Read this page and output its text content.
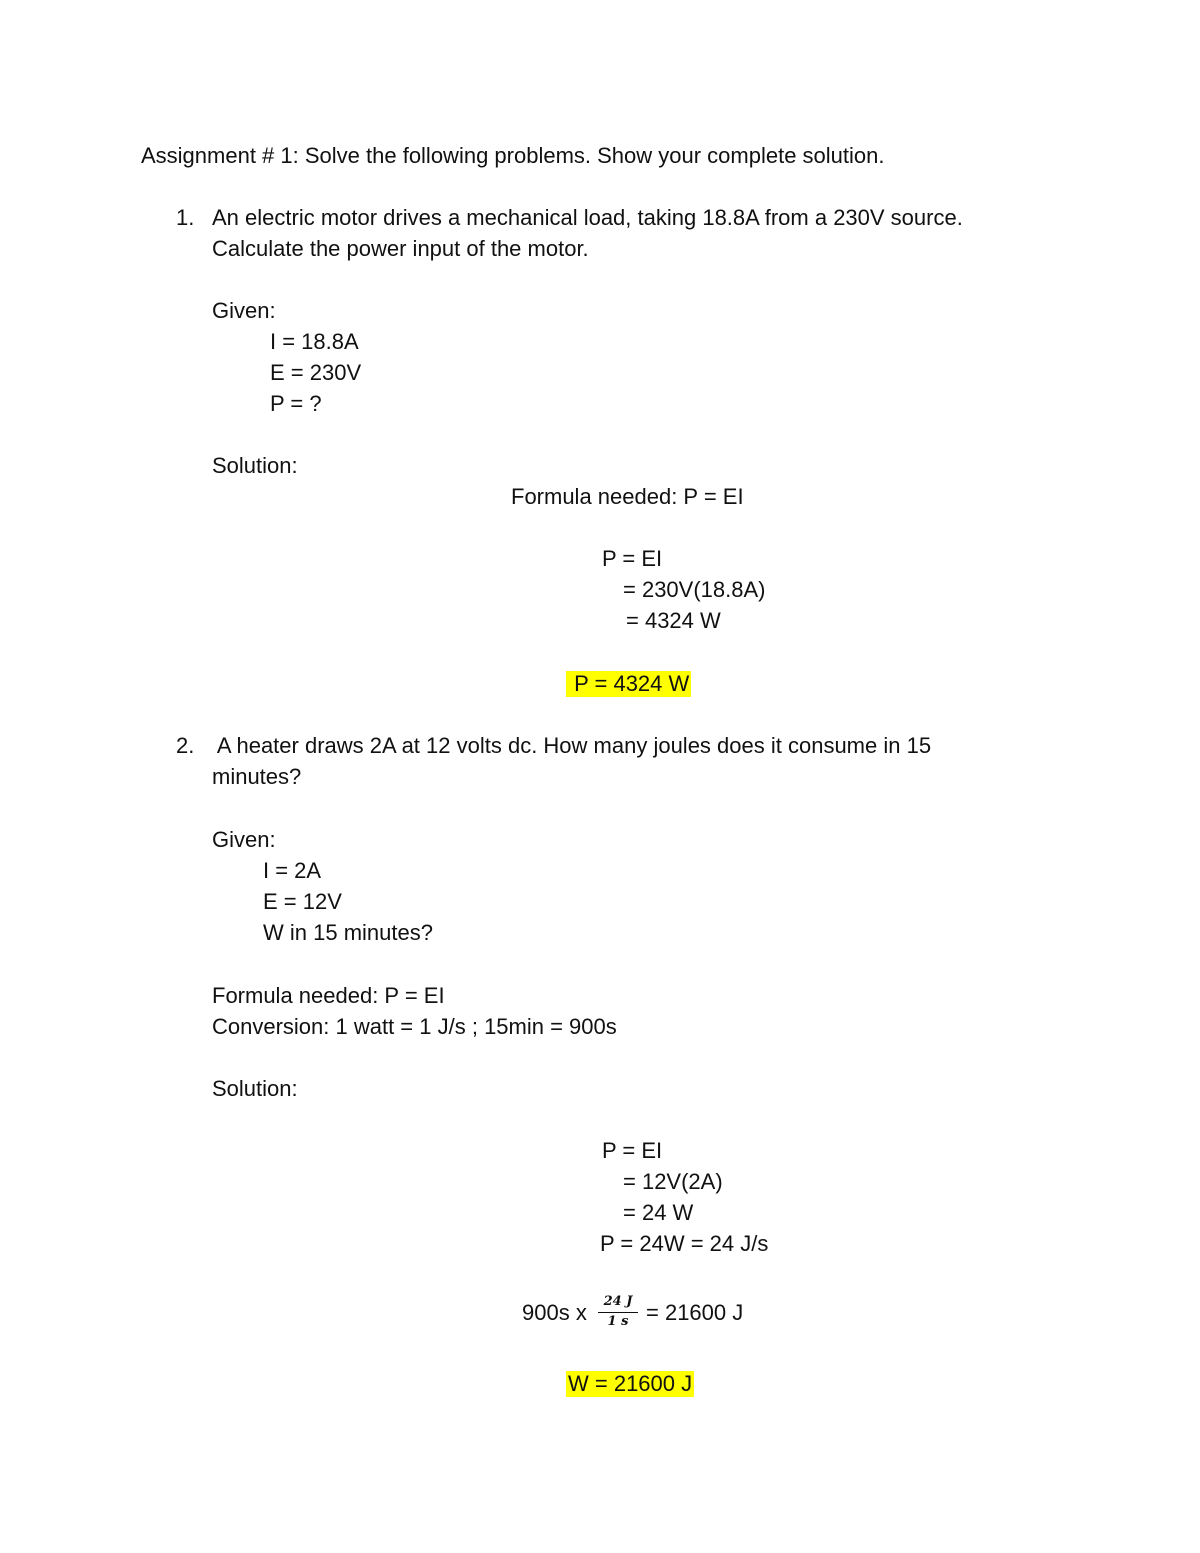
Assignment # 1: Solve the following problems. Show your complete solution.
1. An electric motor drives a mechanical load, taking 18.8A from a 230V source.
Calculate the power input of the motor.
Given:
I = 18.8A
E = 230V
P = ?
Solution:
Formula needed: P = EI
P = EI
= 230V(18.8A)
= 4324 W
P = 4324 W
2. A heater draws 2A at 12 volts dc. How many joules does it consume in 15
minutes?
Given:
I = 2A
E = 12V
W in 15 minutes?
Formula needed: P = EI
Conversion: 1 watt = 1 J/s ; 15min = 900s
Solution:
P = EI
= 12V(2A)
= 24 W
P = 24W = 24 J/s
900s x	24 J
1 s = 21600 J
W = 21600 J
